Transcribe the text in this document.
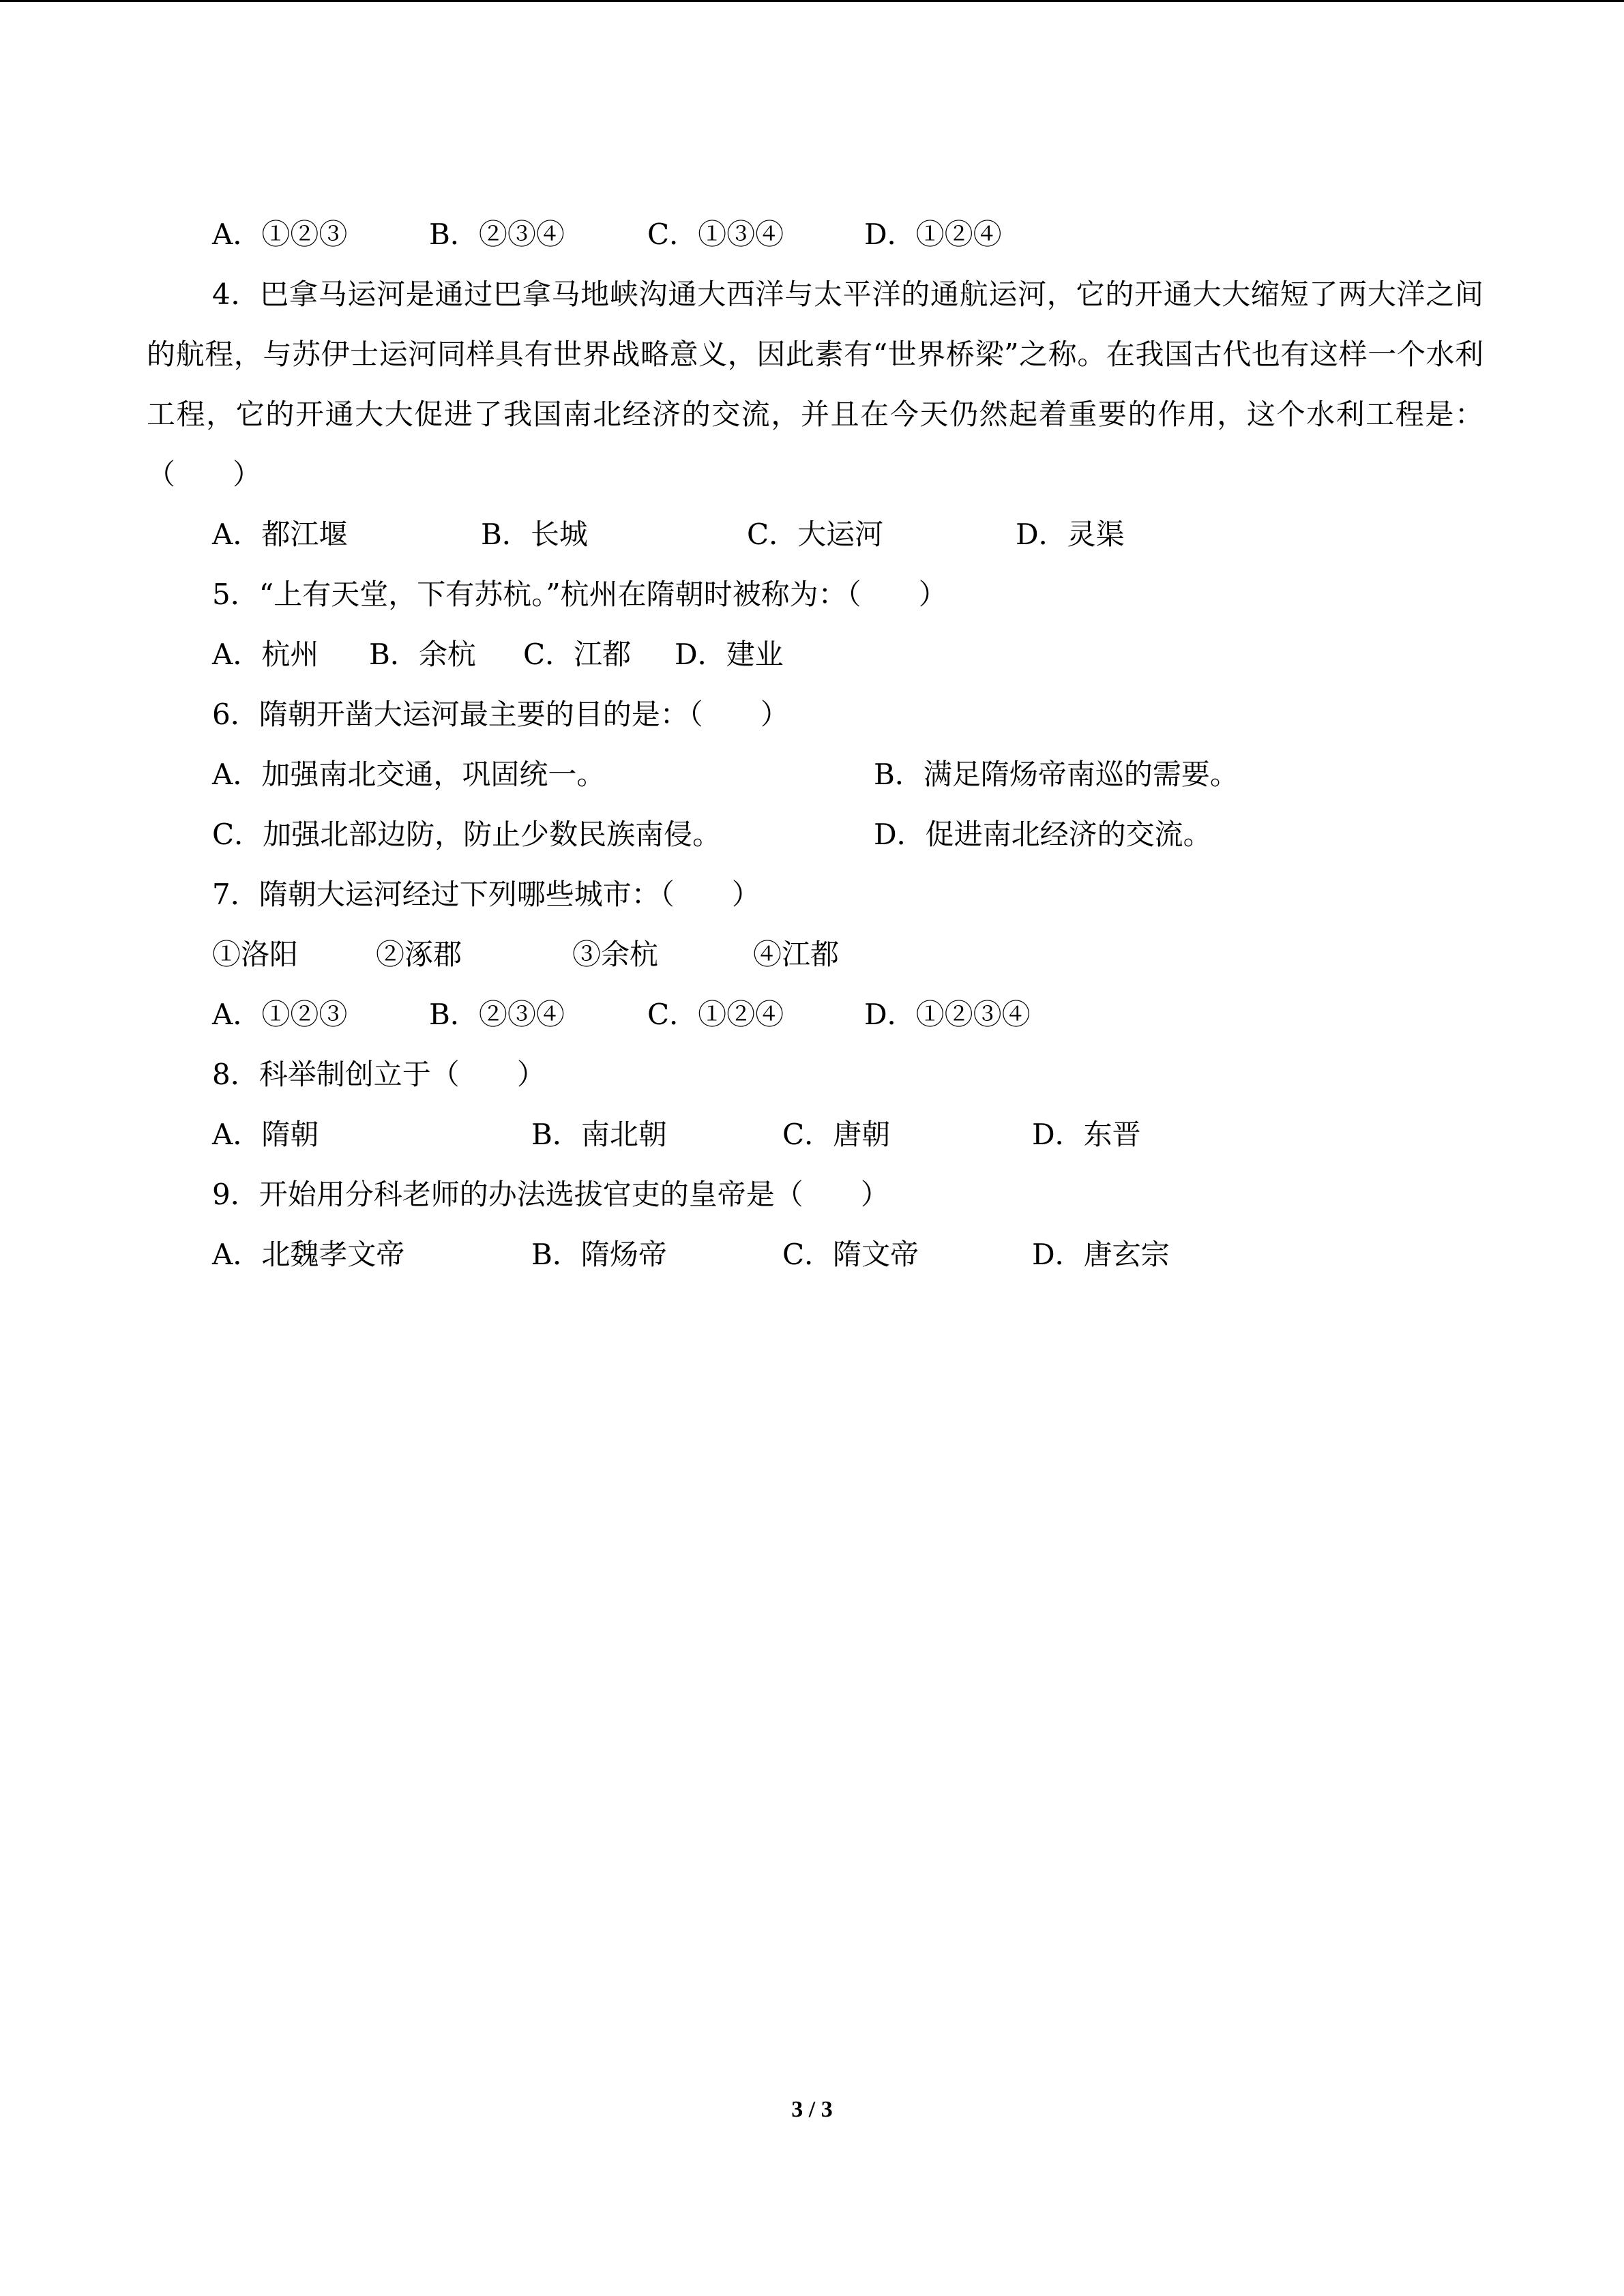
A．①②③	B．②③④	C．①③④	D．①②④

4．巴拿马运河是通过巴拿马地峡沟通大西洋与太平洋的通航运河，它的开通大大缩短了两大洋之间的航程，与苏伊士运河同样具有世界战略意义，因此素有“世界桥梁”之称。在我国古代也有这样一个水利工程，它的开通大大促进了我国南北经济的交流，并且在今天仍然起着重要的作用，这个水利工程是：（　　）

A．都江堰	B．长城	C．大运河	D．灵渠
5．“上有天堂，下有苏杭。”杭州在隋朝时被称为：（　　）
A．杭州 B．余杭 C．江都 D．建业
6．隋朝开凿大运河最主要的目的是：（　　）
A．加强南北交通，巩固统一。	B．满足隋炀帝南巡的需要。
C．加强北部边防，防止少数民族南侵。	D．促进南北经济的交流。
7．隋朝大运河经过下列哪些城市：（　　）
①洛阳	②涿郡	③余杭	④江都
A．①②③	B．②③④	C．①②④	D．①②③④
8．科举制创立于（　　）
A．隋朝	B．南北朝	C．唐朝	D．东晋
9．开始用分科老师的办法选拔官吏的皇帝是（　　）
A．北魏孝文帝	B．隋炀帝	C．隋文帝	D．唐玄宗
3 / 3
